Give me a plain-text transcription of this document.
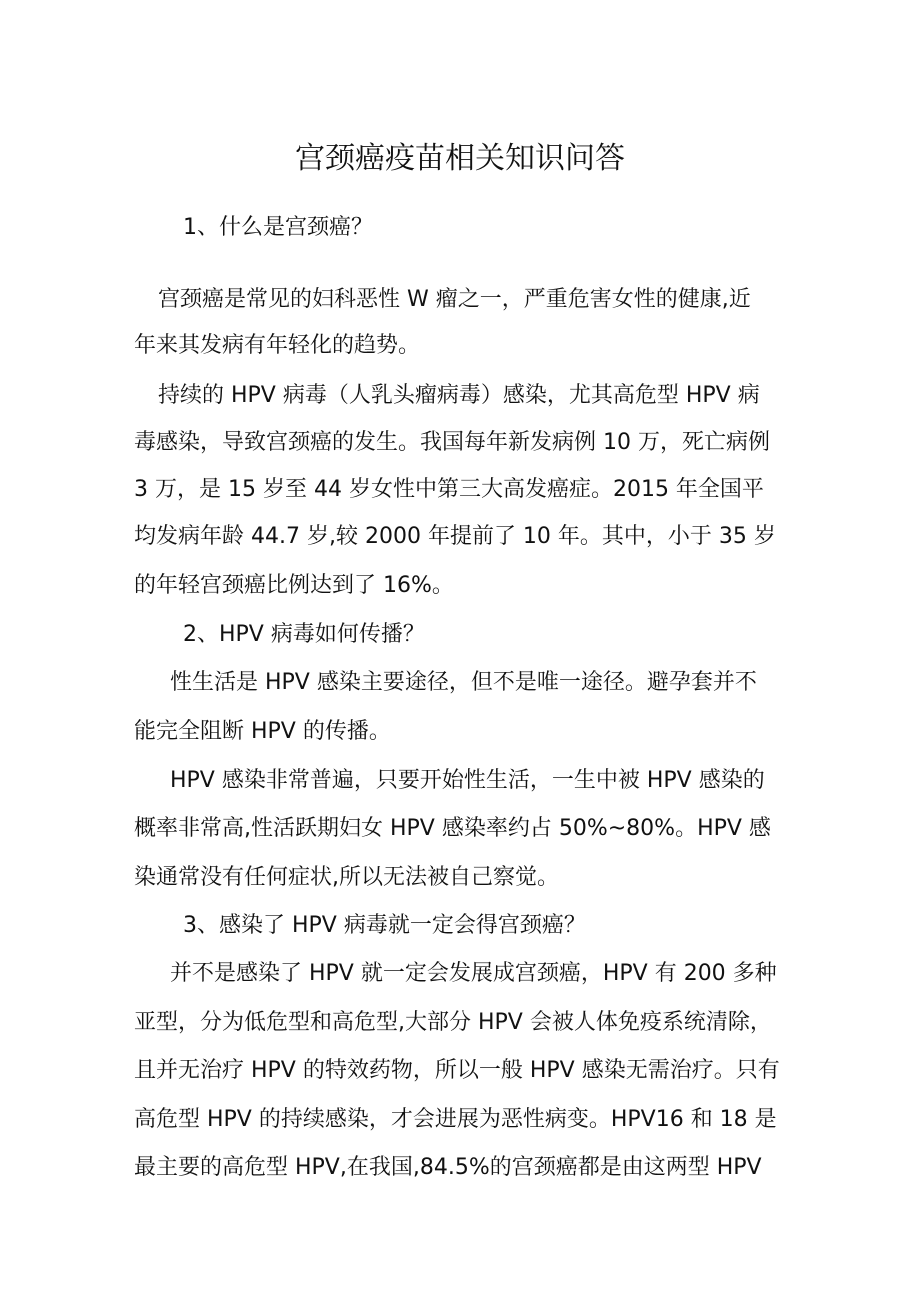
宫颈癌疫苗相关知识问答
1、什么是宫颈癌？
宫颈癌是常见的妇科恶性 W 瘤之一，严重危害女性的健康,近
年来其发病有年轻化的趋势。
持续的 HPV 病毒（人乳头瘤病毒）感染，尤其高危型 HPV 病
毒感染，导致宫颈癌的发生。我国每年新发病例 10 万，死亡病例
3 万，是 15 岁至 44 岁女性中第三大高发癌症。2015 年全国平
均发病年龄 44.7 岁,较 2000 年提前了 10 年。其中，小于 35 岁
的年轻宫颈癌比例达到了 16%。
2、HPV 病毒如何传播？
性生活是 HPV 感染主要途径，但不是唯一途径。避孕套并不
能完全阻断 HPV 的传播。
HPV 感染非常普遍，只要开始性生活，一生中被 HPV 感染的
概率非常高,性活跃期妇女 HPV 感染率约占 50%~80%。HPV 感
染通常没有任何症状,所以无法被自己察觉。
3、感染了 HPV 病毒就一定会得宫颈癌？
并不是感染了 HPV 就一定会发展成宫颈癌，HPV 有 200 多种
亚型，分为低危型和高危型,大部分 HPV 会被人体免疫系统清除，
且并无治疗 HPV 的特效药物，所以一般 HPV 感染无需治疗。只有
高危型 HPV 的持续感染，才会进展为恶性病变。HPV16 和 18 是
最主要的高危型 HPV,在我国,84.5%的宫颈癌都是由这两型 HPV
